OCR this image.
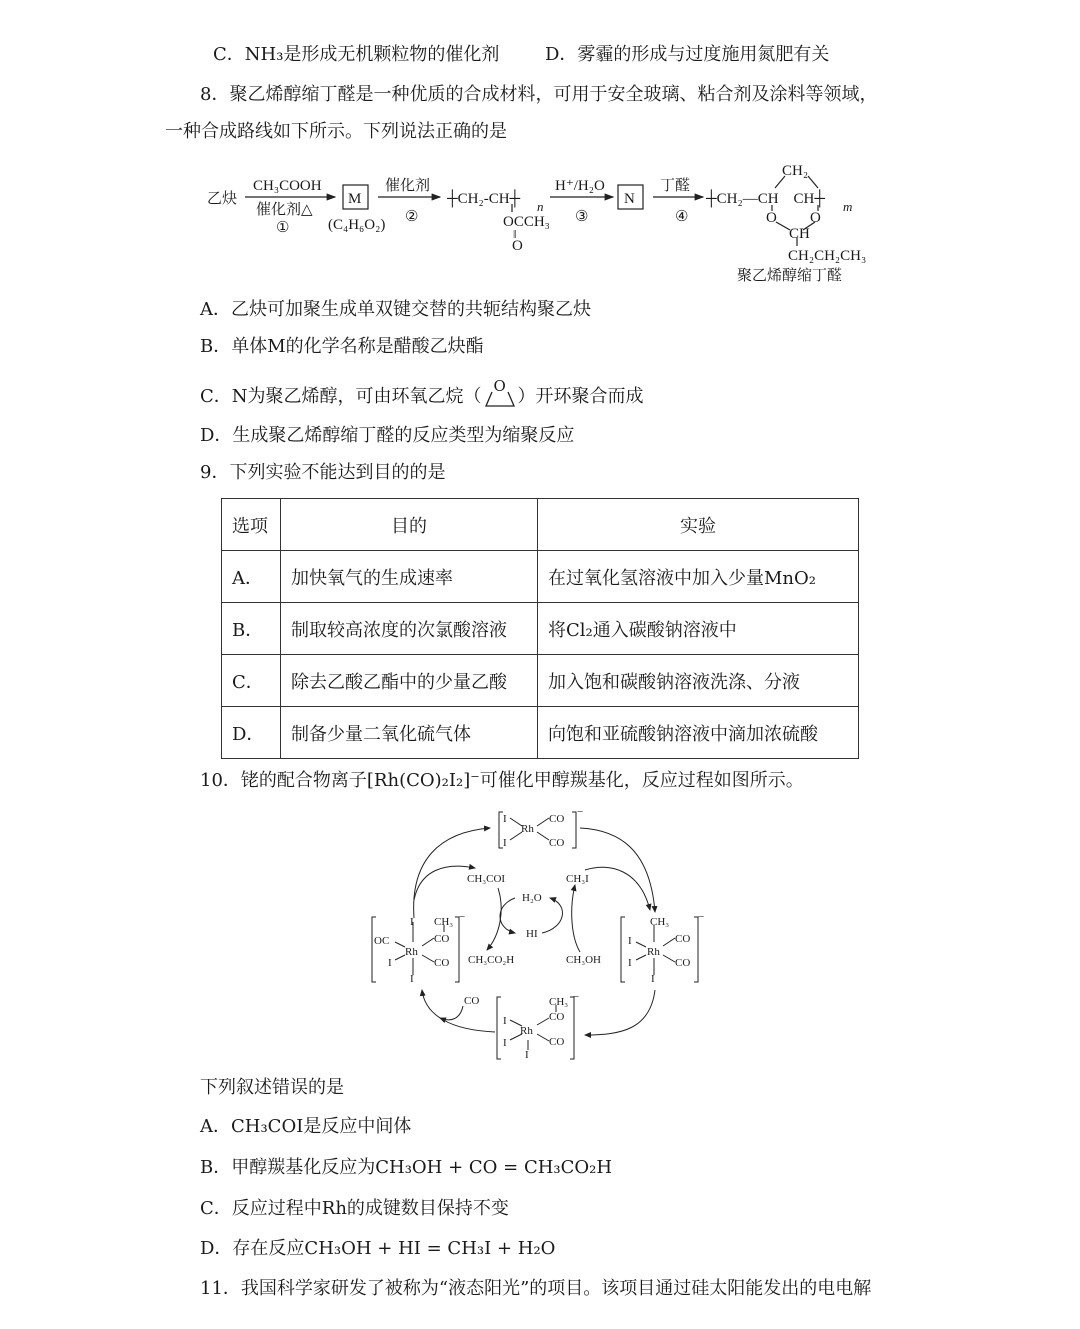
C．NH₃是形成无机颗粒物的催化剂	D．雾霾的形成与过度施用氮肥有关
8．聚乙烯醇缩丁醛是一种优质的合成材料，可用于安全玻璃、粘合剂及涂料等领域，
一种合成路线如下所示。下列说法正确的是
乙炔
CH₃COOH
催化剂△
①
M
(C₄H₆O₂)
催化剂
②
┼CH₂-CH┼ n
OCCH₃
‖
O
H⁺/H₂O
③
N
丁醛
④
┼CH₂—CH    CH┼ m
CH₂
O O
CH
CH₂CH₂CH₃
聚乙烯醇缩丁醛
A．乙炔可加聚生成单双键交替的共轭结构聚乙炔
B．单体M的化学名称是醋酸乙炔酯
C．N为聚乙烯醇，可由环氧乙烷（ O ）开环聚合而成
D．生成聚乙烯醇缩丁醛的反应类型为缩聚反应
9．下列实验不能达到目的的是
选项	目的	实验
A．	加快氧气的生成速率	在过氧化氢溶液中加入少量MnO₂
B．	制取较高浓度的次氯酸溶液	将Cl₂通入碳酸钠溶液中
C．	除去乙酸乙酯中的少量乙酸	加入饱和碳酸钠溶液洗涤、分液
D．	制备少量二氧化硫气体	向饱和亚硫酸钠溶液中滴加浓硫酸
10．铑的配合物离子[Rh(CO)₂I₂]⁻可催化甲醇羰基化，反应过程如图所示。
I
I
Rh
CO
CO
−
I
I
OC
I
Rh
CH₃
CO
CO
−	CH₃
I
I
I
Rh
CO
CO
−
CH₃
I
I
Rh
I
CO
CO
−
CH₃COI	CH₃I
H₂O
HI
CH₃CO₂H	CH₃OH
CO
下列叙述错误的是
A．CH₃COI是反应中间体
B．甲醇羰基化反应为CH₃OH + CO = CH₃CO₂H
C．反应过程中Rh的成键数目保持不变
D．存在反应CH₃OH + HI = CH₃I + H₂O
11．我国科学家研发了被称为“液态阳光”的项目。该项目通过硅太阳能发出的电电解
